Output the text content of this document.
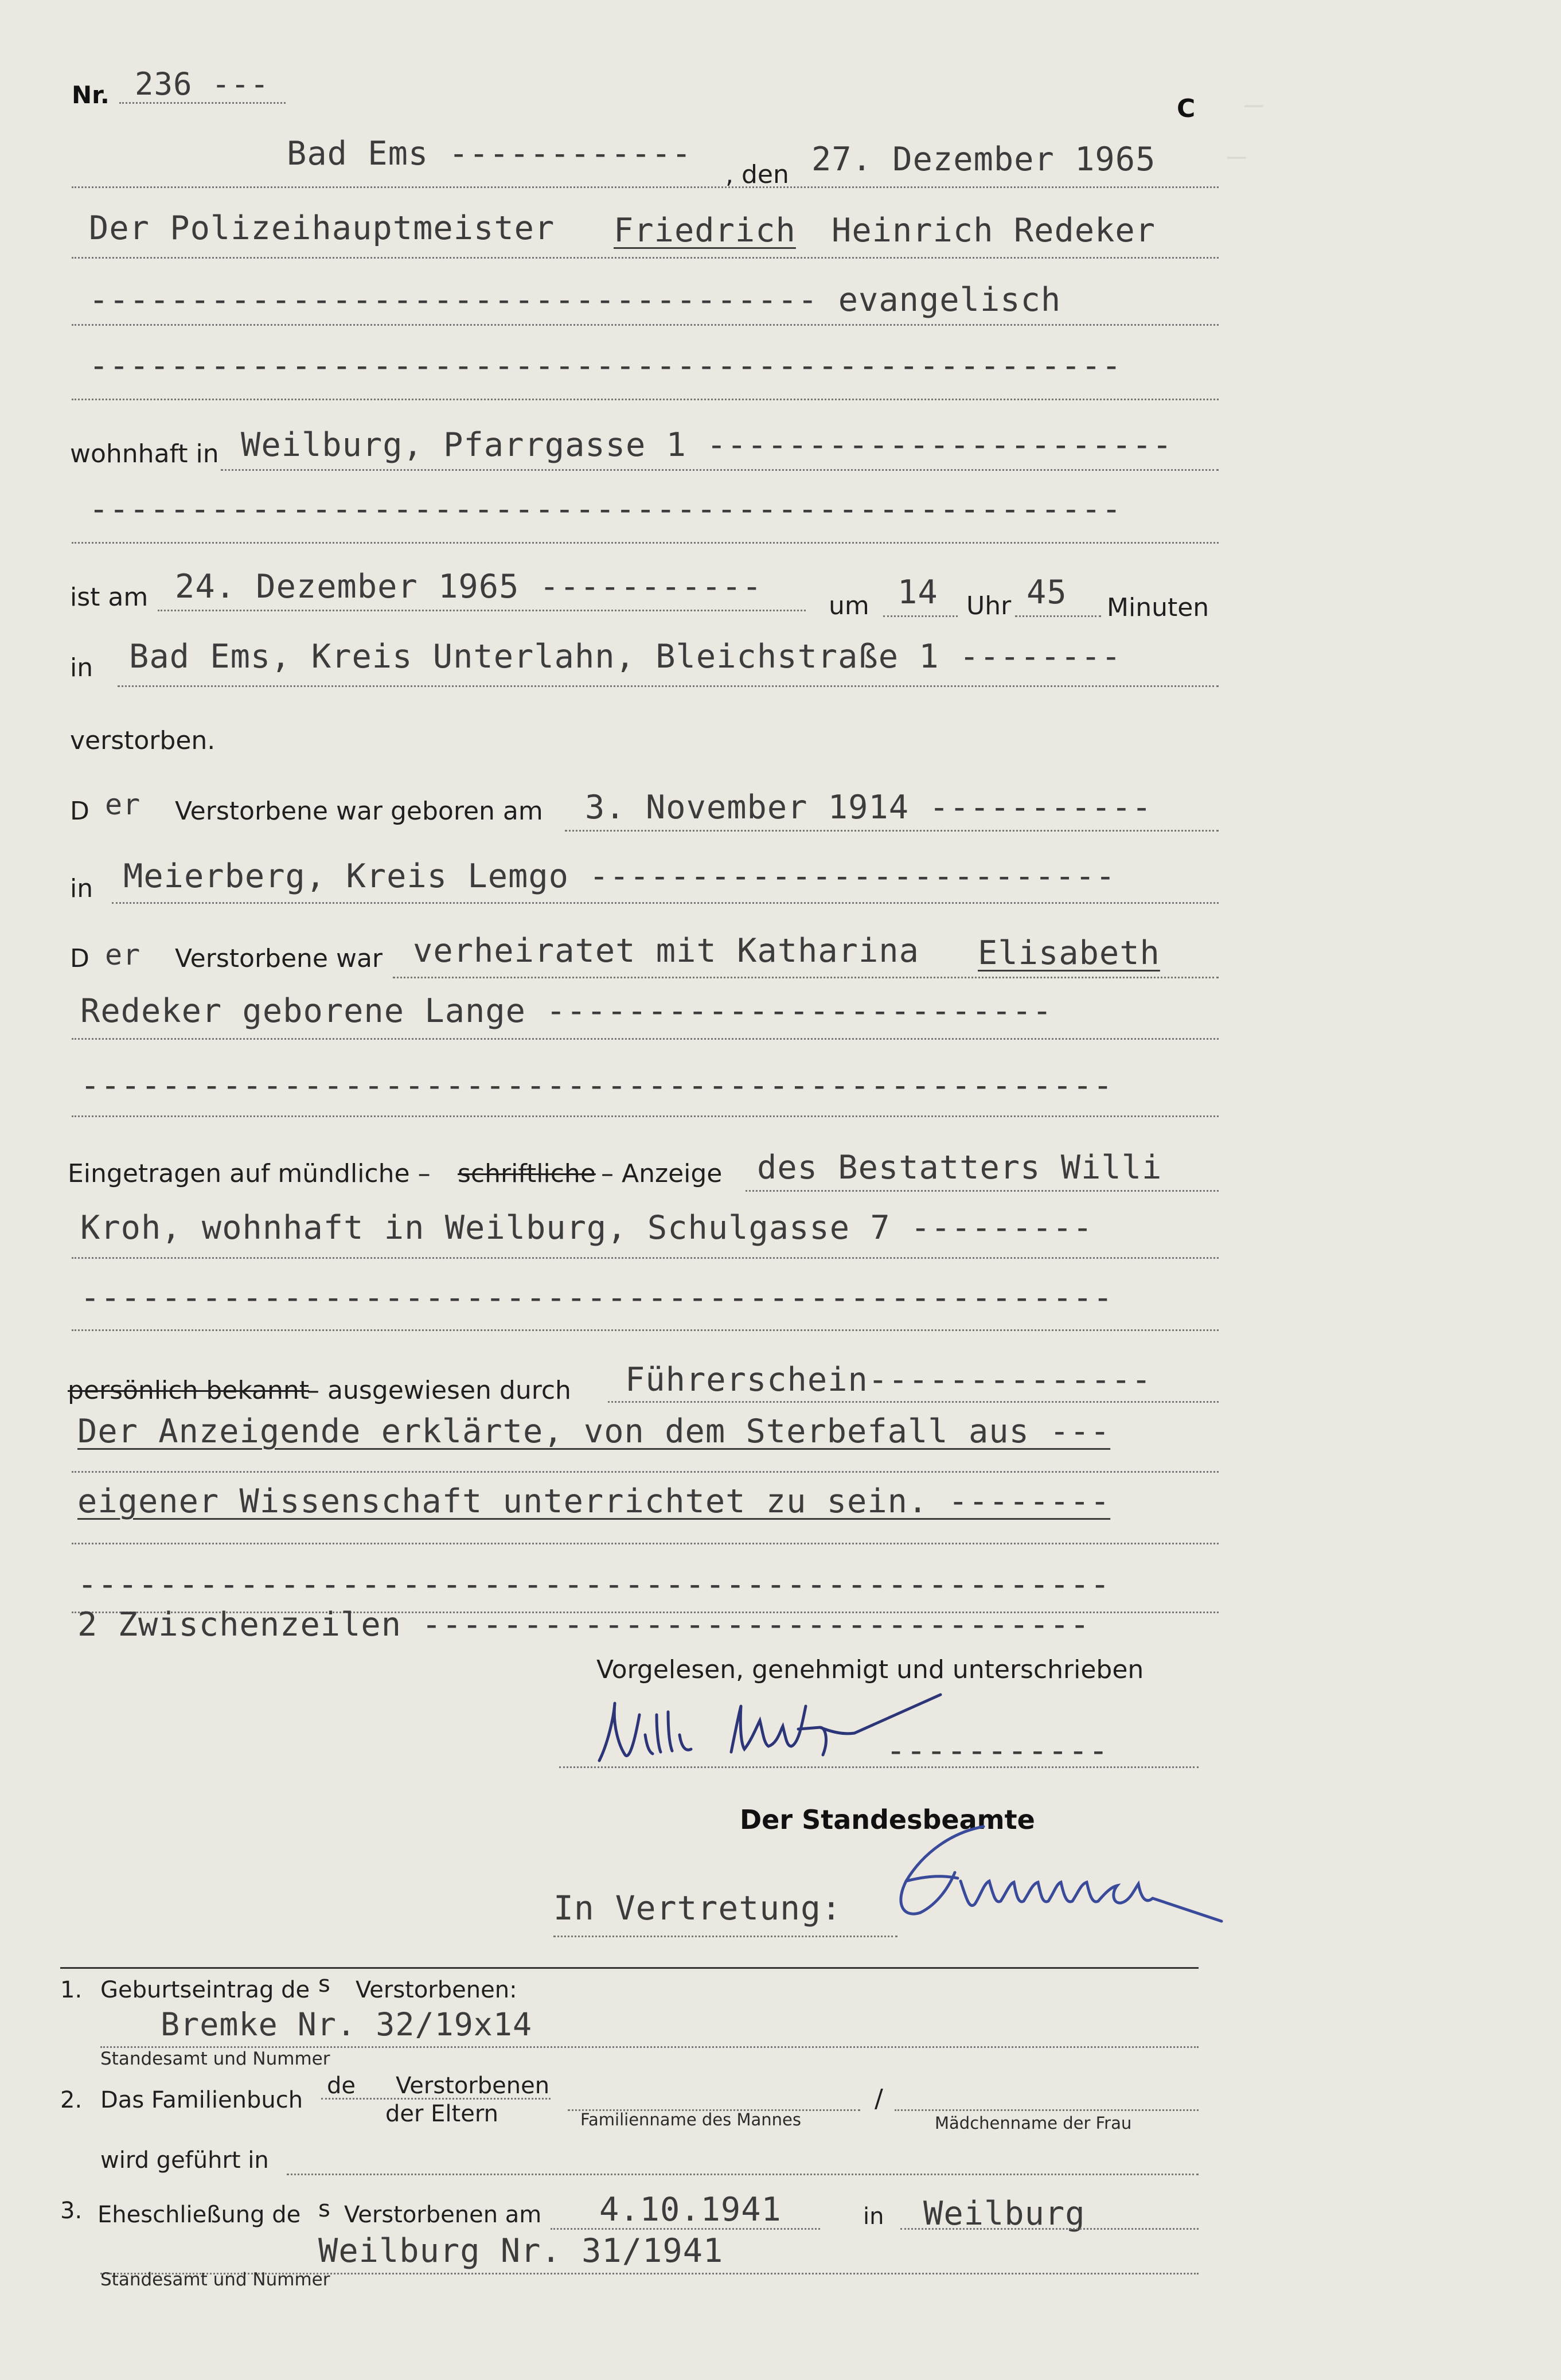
–
–
Nr. 236 ---
C
Bad Ems ------------
, den 27. Dezember 1965
Der Polizeihauptmeister Friedrich Heinrich Redeker
------------------------------------ evangelisch
---------------------------------------------------
wohnhaft in Weilburg, Pfarrgasse 1 -----------------------
---------------------------------------------------
ist am 24. Dezember 1965 -----------
um 14 Uhr 45 Minuten
in Bad Ems, Kreis Unterlahn, Bleichstraße 1 --------
verstorben.
D er Verstorbene war geboren am 3. November 1914 -----------
in Meierberg, Kreis Lemgo --------------------------
D er Verstorbene war verheiratet mit Katharina Elisabeth
Redeker geborene Lange -------------------------
---------------------------------------------------
Eingetragen auf mündliche – schriftliche – Anzeige des Bestatters Willi
Kroh, wohnhaft in Weilburg, Schulgasse 7 ---------
---------------------------------------------------
persönlich bekannt
– ausgewiesen durch Führerschein--------------
Der Anzeigende erklärte, von dem Sterbefall aus ---
eigener Wissenschaft unterrichtet zu sein. --------
---------------------------------------------------
2 Zwischenzeilen ---------------------------------
Vorgelesen, genehmigt und unterschrieben
-----------
Der Standesbeamte
In Vertretung:
1. Geburtseintrag de s Verstorbenen:
Bremke Nr. 32/19x14
Standesamt und Nummer
2. Das Familienbuch
de Verstorbenen
der Eltern	Familienname des Mannes
/
Mädchenname der Frau
wird geführt in
3. Eheschließung de s Verstorbenen am 4.10.1941	in Weilburg
Weilburg Nr. 31/1941
Standesamt und Nummer
